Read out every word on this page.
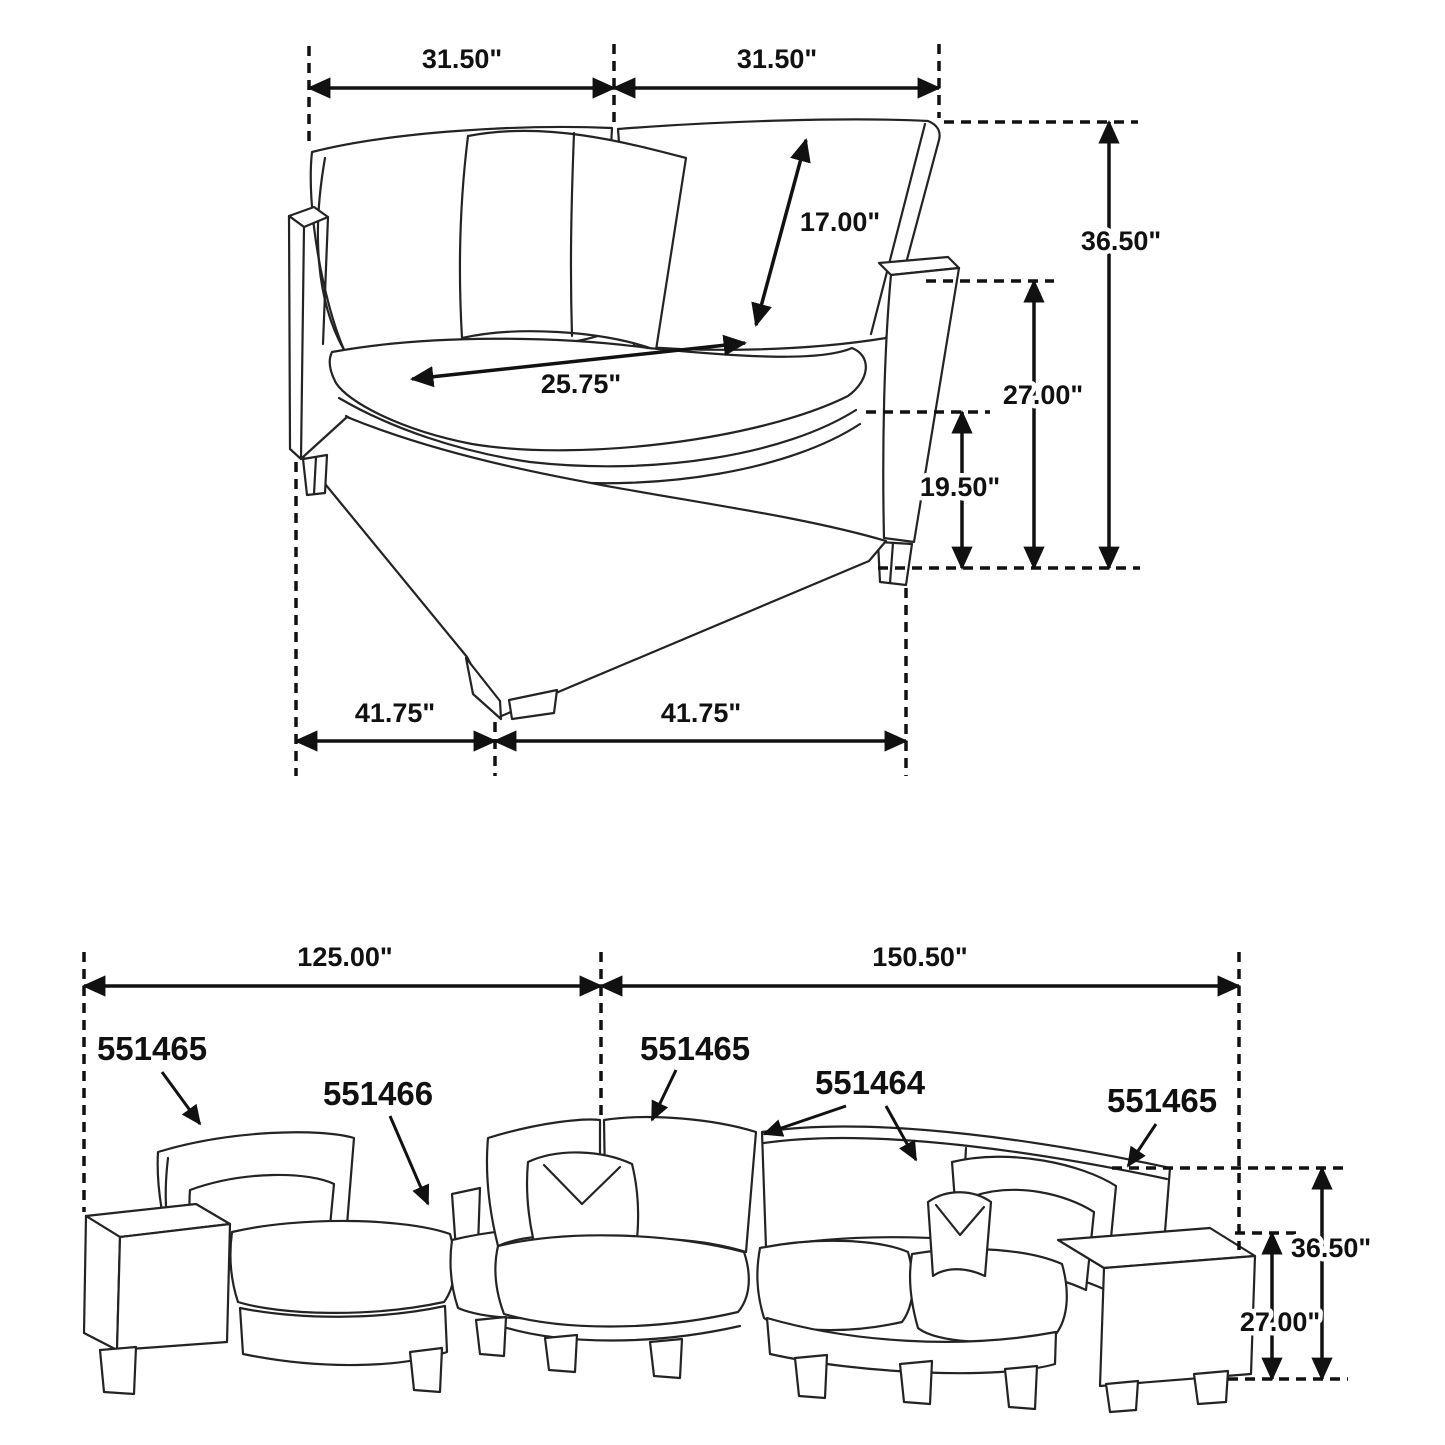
31.50"	31.50"
17.00"
25.75"
36.50"
27.00"
19.50"
41.75"	41.75"
125.00"	150.50"
551465
551466
551465
551464	551465
36.50"
27.00"
